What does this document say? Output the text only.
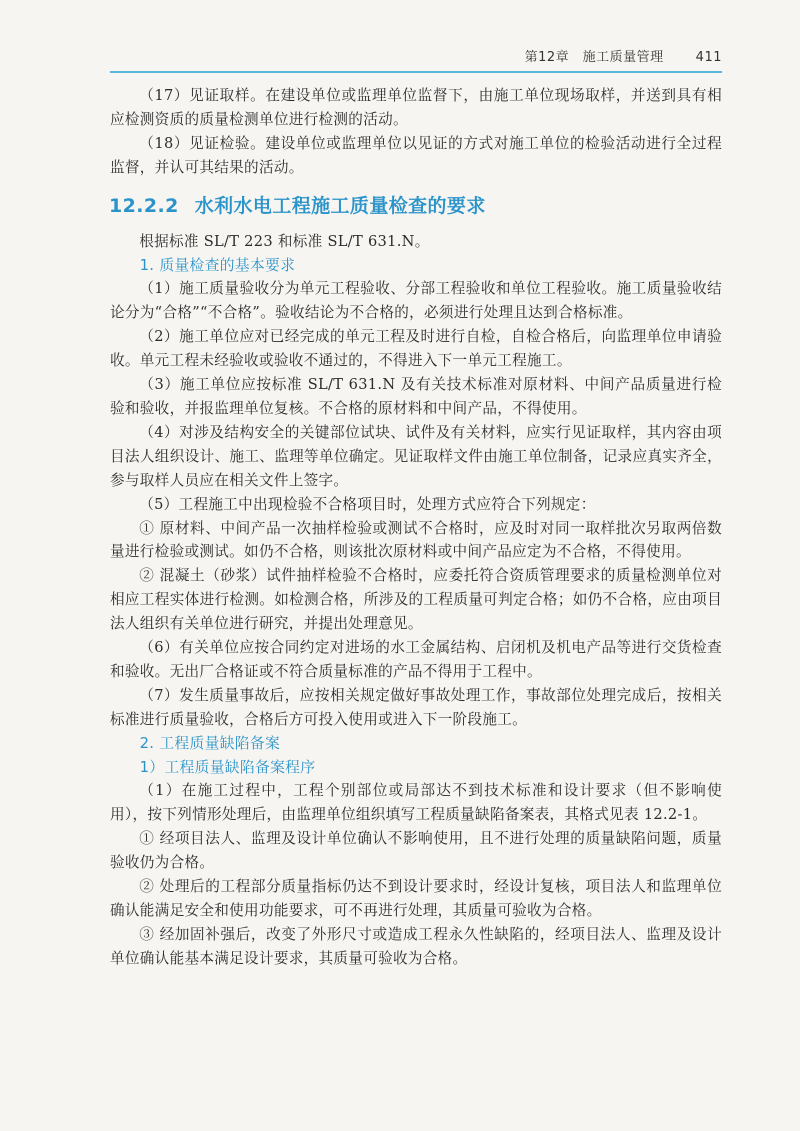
第12章　施工质量管理 411

（17）见证取样。在建设单位或监理单位监督下，由施工单位现场取样，并送到具有相应检测资质的质量检测单位进行检测的活动。

（18）见证检验。建设单位或监理单位以见证的方式对施工单位的检验活动进行全过程监督，并认可其结果的活动。

12.2.2 水利水电工程施工质量检查的要求

根据标准 SL/T 223 和标准 SL/T 631.N。

1. 质量检查的基本要求

（1）施工质量验收分为单元工程验收、分部工程验收和单位工程验收。施工质量验收结论分为“合格”“不合格”。验收结论为不合格的，必须进行处理且达到合格标准。

（2）施工单位应对已经完成的单元工程及时进行自检，自检合格后，向监理单位申请验收。单元工程未经验收或验收不通过的，不得进入下一单元工程施工。

（3）施工单位应按标准 SL/T 631.N 及有关技术标准对原材料、中间产品质量进行检验和验收，并报监理单位复核。不合格的原材料和中间产品，不得使用。

（4）对涉及结构安全的关键部位试块、试件及有关材料，应实行见证取样，其内容由项目法人组织设计、施工、监理等单位确定。见证取样文件由施工单位制备，记录应真实齐全，参与取样人员应在相关文件上签字。

（5）工程施工中出现检验不合格项目时，处理方式应符合下列规定：

① 原材料、中间产品一次抽样检验或测试不合格时，应及时对同一取样批次另取两倍数量进行检验或测试。如仍不合格，则该批次原材料或中间产品应定为不合格，不得使用。

② 混凝土（砂浆）试件抽样检验不合格时，应委托符合资质管理要求的质量检测单位对相应工程实体进行检测。如检测合格，所涉及的工程质量可判定合格；如仍不合格，应由项目法人组织有关单位进行研究，并提出处理意见。

（6）有关单位应按合同约定对进场的水工金属结构、启闭机及机电产品等进行交货检查和验收。无出厂合格证或不符合质量标准的产品不得用于工程中。

（7）发生质量事故后，应按相关规定做好事故处理工作，事故部位处理完成后，按相关标准进行质量验收，合格后方可投入使用或进入下一阶段施工。

2. 工程质量缺陷备案
1）工程质量缺陷备案程序

（1）在施工过程中，工程个别部位或局部达不到技术标准和设计要求（但不影响使用），按下列情形处理后，由监理单位组织填写工程质量缺陷备案表，其格式见表 12.2-1。

① 经项目法人、监理及设计单位确认不影响使用，且不进行处理的质量缺陷问题，质量验收仍为合格。

② 处理后的工程部分质量指标仍达不到设计要求时，经设计复核，项目法人和监理单位确认能满足安全和使用功能要求，可不再进行处理，其质量可验收为合格。

③ 经加固补强后，改变了外形尺寸或造成工程永久性缺陷的，经项目法人、监理及设计单位确认能基本满足设计要求，其质量可验收为合格。
